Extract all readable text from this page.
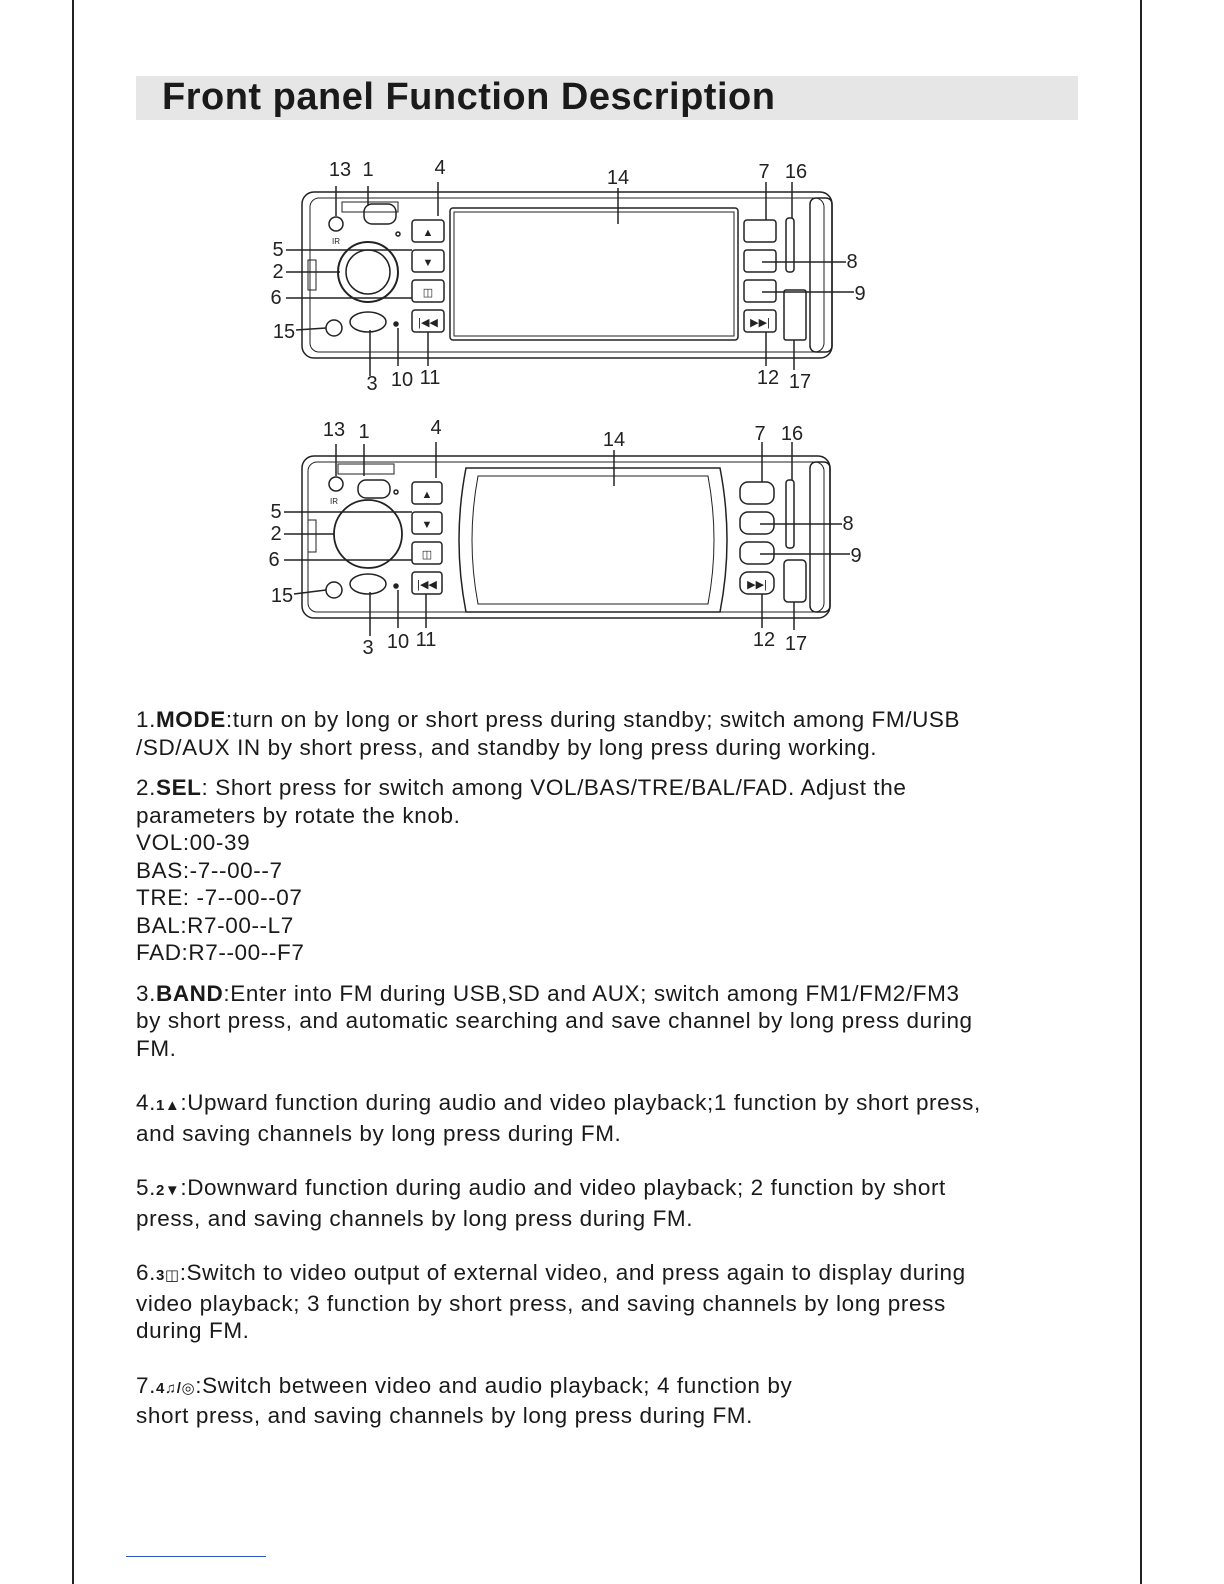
Front panel Function Description
▲
▼
◫
|◀◀	▶▶|
IR
13 1	4	14	7 16
5
2
6
15
8
9
3 10 11	12 17
▲
▼
◫
|◀◀	▶▶|
IR
13 1	4
14	7 16
5
2
6
15
8
9
3 10 11	12 17
1.MODE:turn on by long or short press during standby; switch among FM/USB
/SD/AUX IN by short press, and standby by long press during working.
2.SEL: Short press for switch among VOL/BAS/TRE/BAL/FAD. Adjust the
parameters by rotate the knob.
VOL:00-39
BAS:-7--00--7
TRE: -7--00--07
BAL:R7-00--L7
FAD:R7--00--F7
3.BAND:Enter into FM during USB,SD and AUX; switch among FM1/FM2/FM3
by short press, and automatic searching and save channel by long press during
FM.
4.1▲:Upward function during audio and video playback;1 function by short press,
and saving channels by long press during FM.
5.2▼:Downward function during audio and video playback; 2 function by short
press, and saving channels by long press during FM.
6.3◫:Switch to video output of external video, and press again to display during
video playback; 3 function by short press, and saving channels by long press
during FM.
7.4♫/◎:Switch between video and audio playback; 4 function by
short press, and saving channels by long press during FM.
